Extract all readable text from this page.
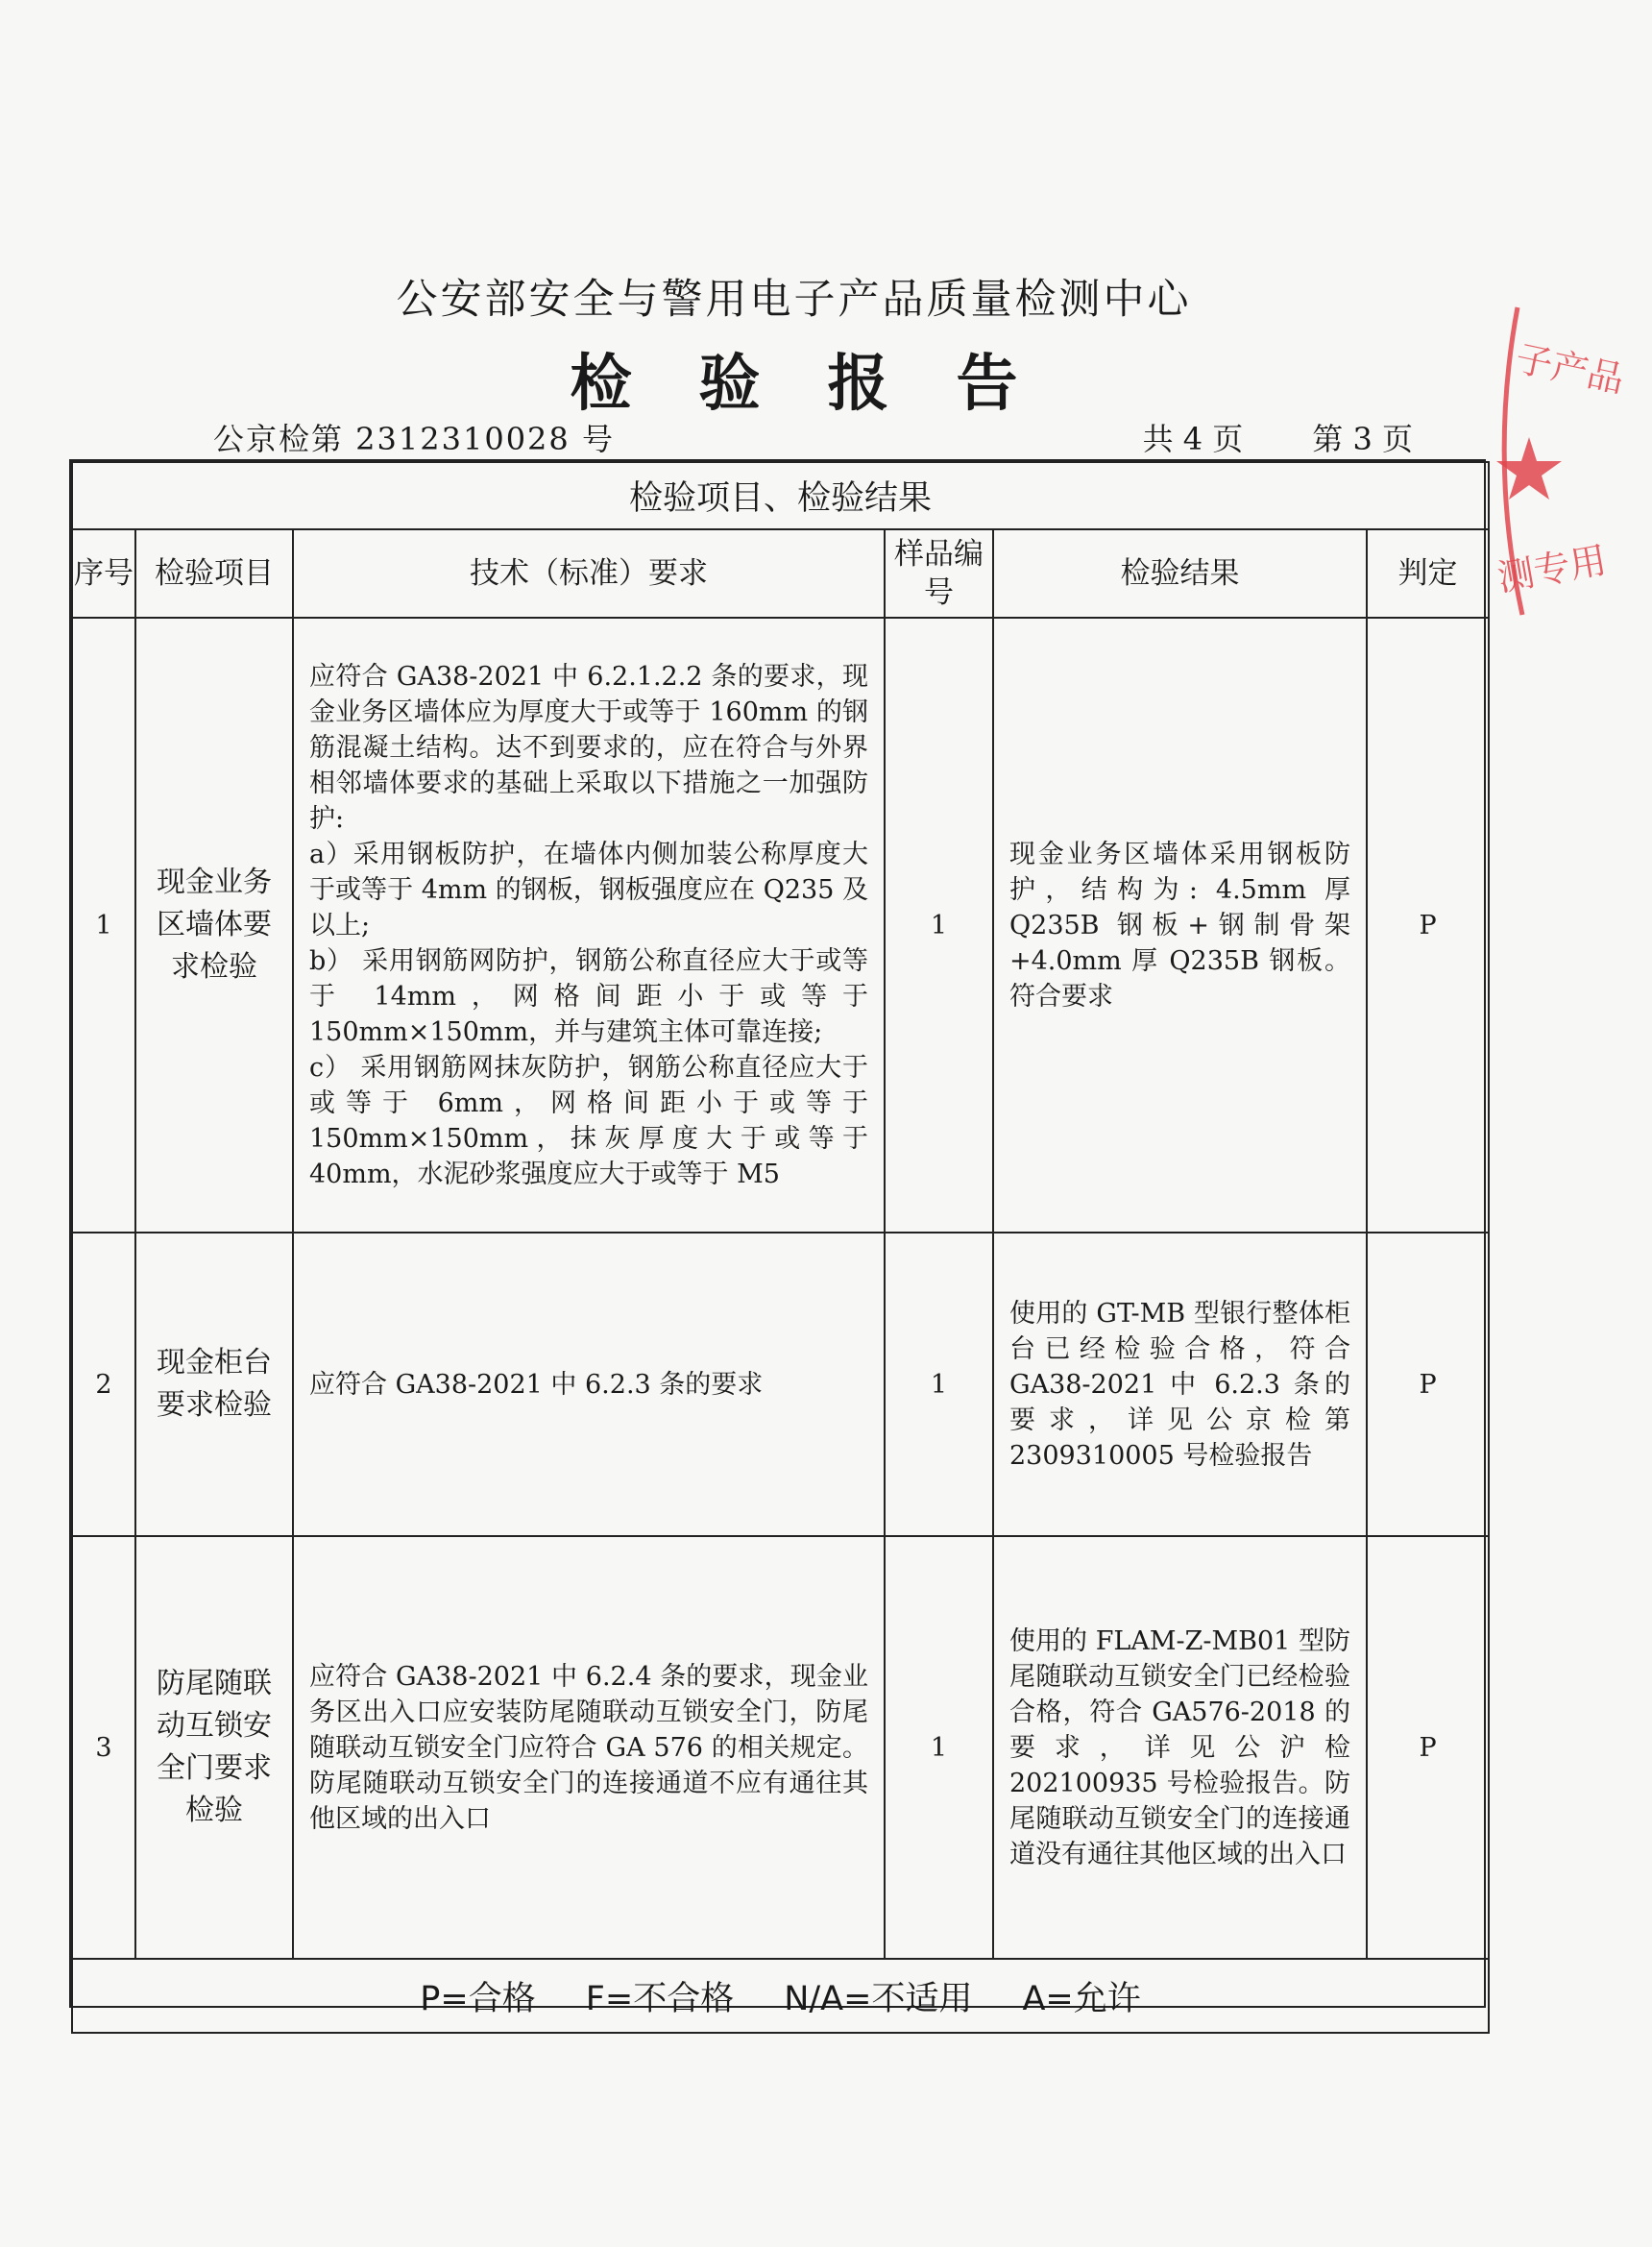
公安部安全与警用电子产品质量检测中心
检验报告
公京检第 2312310028 号	共 4 页 第 3 页
子产品
测专用
检验项目、检验结果					
序号	检验项目	技术（标准）要求	样品编号	检验结果	判定
1	现金业务区墙体要求检验	应符合 GA38-2021 中 6.2.1.2.2 条的要求，现金业务区墙体应为厚度大于或等于 160mm 的钢筋混凝土结构。达不到要求的，应在符合与外界相邻墙体要求的基础上采取以下措施之一加强防护:
a）采用钢板防护，在墙体内侧加装公称厚度大于或等于 4mm 的钢板，钢板强度应在 Q235 及以上;
b） 采用钢筋网防护，钢筋公称直径应大于或等于 14mm，网格间距小于或等于 150mm×150mm，并与建筑主体可靠连接;
c） 采用钢筋网抹灰防护，钢筋公称直径应大于或等于 6mm，网格间距小于或等于 150mm×150mm，抹灰厚度大于或等于 40mm，水泥砂浆强度应大于或等于 M5	1	现金业务区墙体采用钢板防护，结构为: 4.5mm 厚 Q235B 钢板+钢制骨架+4.0mm 厚 Q235B 钢板。符合要求	P
2	现金柜台要求检验	应符合 GA38-2021 中 6.2.3 条的要求	1	使用的 GT-MB 型银行整体柜台已经检验合格，符合 GA38-2021 中 6.2.3 条的要求，详见公京检第 2309310005 号检验报告	P
3	防尾随联动互锁安全门要求检验	应符合 GA38-2021 中 6.2.4 条的要求，现金业务区出入口应安装防尾随联动互锁安全门，防尾随联动互锁安全门应符合 GA 576 的相关规定。防尾随联动互锁安全门的连接通道不应有通往其他区域的出入口	1	使用的 FLAM-Z-MB01 型防尾随联动互锁安全门已经检验合格，符合 GA576-2018 的要求，详见公沪检 202100935 号检验报告。防尾随联动互锁安全门的连接通道没有通往其他区域的出入口	P
P=合格 F=不合格 N/A=不适用 A=允许					
